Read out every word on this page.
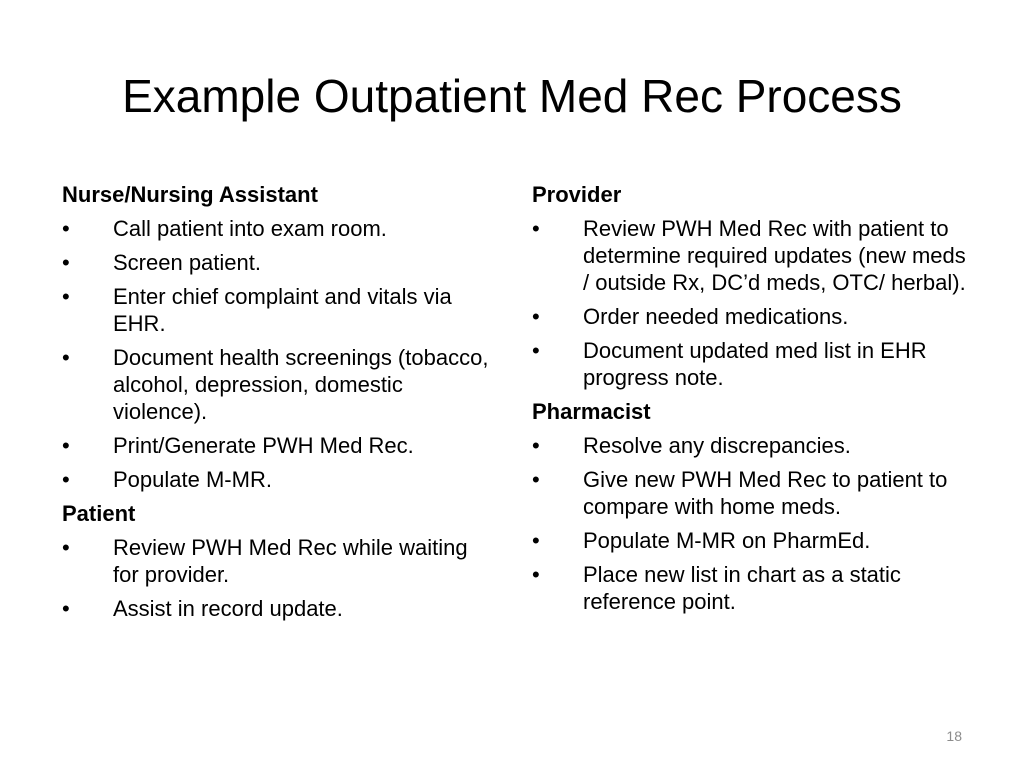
Example Outpatient Med Rec Process
Nurse/Nursing Assistant
•	Call patient into exam room.
•	Screen patient.
•	Enter chief complaint and vitals via EHR.
•	Document health screenings (tobacco, alcohol, depression, domestic violence).
•	Print/Generate PWH Med Rec.
•	Populate M-MR.
Patient
•	Review PWH Med Rec while waiting for provider.
•	Assist in record update.
Provider
•	Review PWH Med Rec with patient to determine required updates (new meds / outside Rx, DC’d meds, OTC/ herbal).
•	Order needed medications.
•	Document updated med list in EHR progress note.
Pharmacist
•	Resolve any discrepancies.
•	Give new PWH Med Rec to patient to compare with home meds.
•	Populate M-MR on PharmEd.
•	Place new list in chart as a static reference point.
18
